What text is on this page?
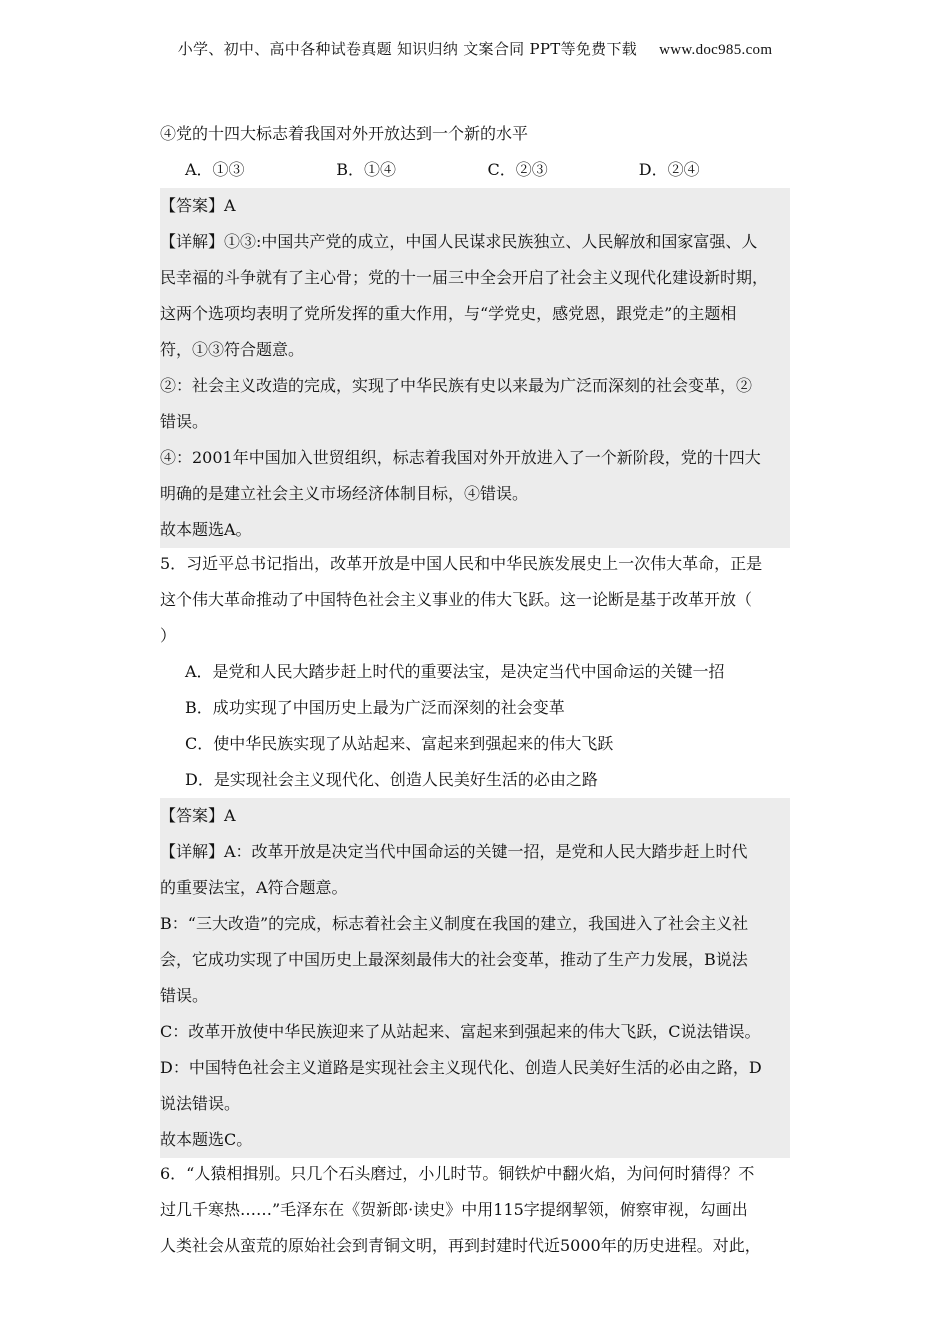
小学、初中、高中各种试卷真题 知识归纳 文案合同 PPT等免费下载 www.doc985.com
④党的十四大标志着我国对外开放达到一个新的水平
A．①③	B．①④	C．②③	D．②④
【答案】A
【详解】①③:中国共产党的成立，中国人民谋求民族独立、人民解放和国家富强、人
民幸福的斗争就有了主心骨；党的十一届三中全会开启了社会主义现代化建设新时期，
这两个选项均表明了党所发挥的重大作用，与“学党史，感党恩，跟党走”的主题相
符，①③符合题意。
②：社会主义改造的完成，实现了中华民族有史以来最为广泛而深刻的社会变革，②
错误。
④：2001年中国加入世贸组织，标志着我国对外开放进入了一个新阶段，党的十四大
明确的是建立社会主义市场经济体制目标，④错误。
故本题选A。
5．习近平总书记指出，改革开放是中国人民和中华民族发展史上一次伟大革命，正是
这个伟大革命推动了中国特色社会主义事业的伟大飞跃。这一论断是基于改革开放（
）
A．是党和人民大踏步赶上时代的重要法宝，是决定当代中国命运的关键一招
B．成功实现了中国历史上最为广泛而深刻的社会变革
C．使中华民族实现了从站起来、富起来到强起来的伟大飞跃
D．是实现社会主义现代化、创造人民美好生活的必由之路
【答案】A
【详解】A：改革开放是决定当代中国命运的关键一招，是党和人民大踏步赶上时代
的重要法宝，A符合题意。
B：“三大改造”的完成，标志着社会主义制度在我国的建立，我国进入了社会主义社
会，它成功实现了中国历史上最深刻最伟大的社会变革，推动了生产力发展，B说法
错误。
C：改革开放使中华民族迎来了从站起来、富起来到强起来的伟大飞跃，C说法错误。
D：中国特色社会主义道路是实现社会主义现代化、创造人民美好生活的必由之路，D
说法错误。
故本题选C。
6．“人猿相揖别。只几个石头磨过，小儿时节。铜铁炉中翻火焰，为问何时猜得？不
过几千寒热……”毛泽东在《贺新郎·读史》中用115字提纲挈领，俯察审视，勾画出
人类社会从蛮荒的原始社会到青铜文明，再到封建时代近5000年的历史进程。对此，
